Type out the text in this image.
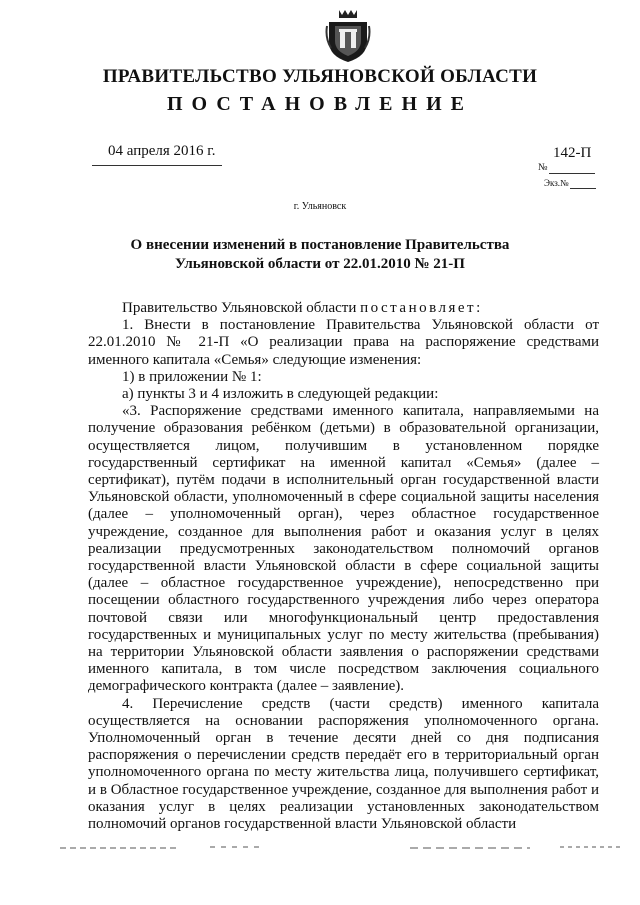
ПРАВИТЕЛЬСТВО УЛЬЯНОВСКОЙ ОБЛАСТИ
ПОСТАНОВЛЕНИЕ
04 апреля 2016 г.	142-П
№
Экз.№
г. Ульяновск
О внесении изменений в постановление Правительства
Ульяновской области от 22.01.2010 № 21-П

Правительство Ульяновской области постановляет:

1. Внести в постановление Правительства Ульяновской области от 22.01.2010 № 21-П «О реализации права на распоряжение средствами именного капитала «Семья» следующие изменения:

1) в приложении № 1:

а) пункты 3 и 4 изложить в следующей редакции:

«3. Распоряжение средствами именного капитала, направляемыми на получение образования ребёнком (детьми) в образовательной организации, осуществляется лицом, получившим в установленном порядке государственный сертификат на именной капитал «Семья» (далее – сертификат), путём подачи в исполнительный орган государственной власти Ульяновской области, уполномоченный в сфере социальной защиты населения (далее – уполномоченный орган), через областное государственное учреждение, созданное для выполнения работ и оказания услуг в целях реализации предусмотренных законодательством полномочий органов государственной власти Ульяновской области в сфере социальной защиты (далее – областное государственное учреждение), непосредственно при посещении областного государственного учреждения либо через оператора почтовой связи или многофункциональный центр предоставления государственных и муниципальных услуг по месту жительства (пребывания) на территории Ульяновской области заявления о распоряжении средствами именного капитала, в том числе посредством заключения социального демографического контракта (далее – заявление).

4. Перечисление средств (части средств) именного капитала осуществляется на основании распоряжения уполномоченного органа. Уполномоченный орган в течение десяти дней со дня подписания распоряжения о перечислении средств передаёт его в территориальный орган уполномоченного органа по месту жительства лица, получившего сертификат, и в Областное государственное учреждение, созданное для выполнения работ и оказания услуг в целях реализации установленных законодательством полномочий органов государственной власти Ульяновской области
